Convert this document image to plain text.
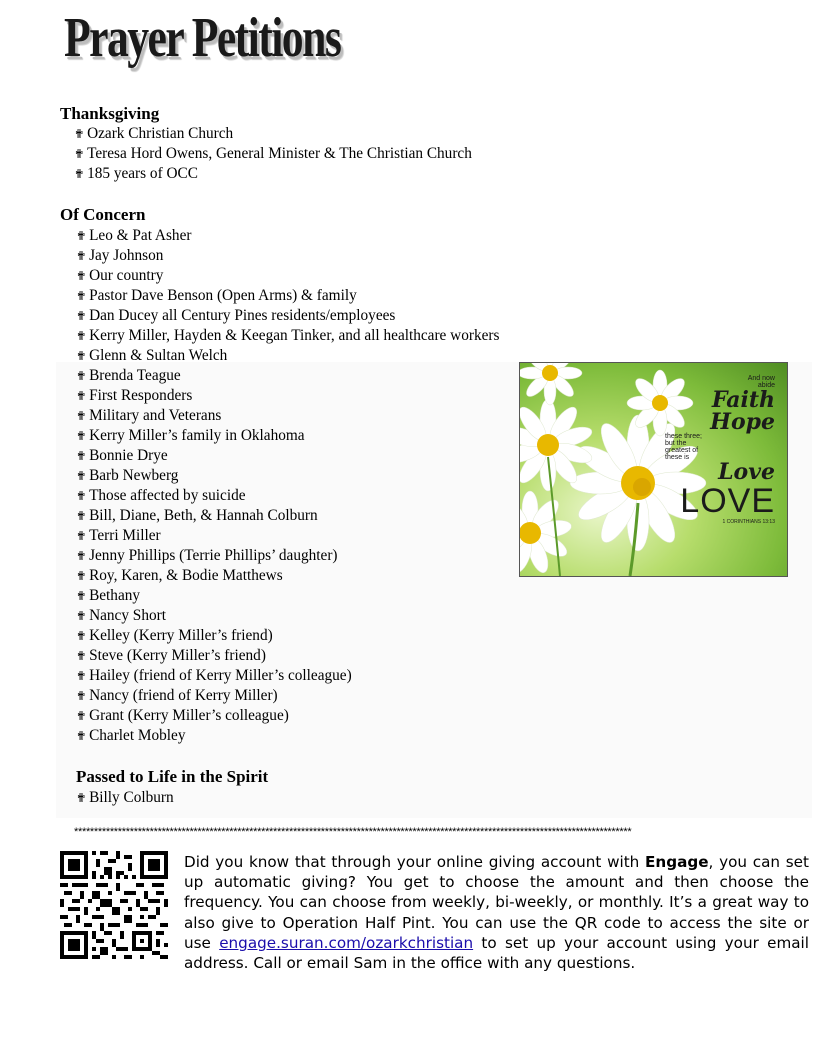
Prayer Petitions
Thanksgiving
✟ Ozark Christian Church
✟ Teresa Hord Owens, General Minister & The Christian Church
✟ 185 years of OCC
Of Concern
✟ Leo & Pat Asher
✟ Jay Johnson
✟ Our country
✟ Pastor Dave Benson (Open Arms) & family
✟ Dan Ducey all Century Pines residents/employees
✟ Kerry Miller, Hayden & Keegan Tinker, and all healthcare workers
✟ Glenn & Sultan Welch
✟ Brenda Teague
✟ First Responders
✟ Military and Veterans
✟ Kerry Miller’s family in Oklahoma
✟ Bonnie Drye
✟ Barb Newberg
✟ Those affected by suicide
✟ Bill, Diane, Beth, & Hannah Colburn
✟ Terri Miller
✟ Jenny Phillips (Terrie Phillips’ daughter)
✟ Roy, Karen, & Bodie Matthews
✟ Bethany
✟ Nancy Short
✟ Kelley (Kerry Miller’s friend)
✟ Steve (Kerry Miller’s friend)
✟ Hailey (friend of Kerry Miller’s colleague)
✟ Nancy (friend of Kerry Miller)
✟ Grant (Kerry Miller’s colleague)
✟ Charlet Mobley
Passed to Life in the Spirit
✟ Billy Colburn
And now
abide
Faith
Hope
these three; but the greatest of these is
Love
LOVE
1 CORINTHIANS 13:13
********************************************************************************************************************************************
Did you know that through your online giving account with Engage, you can set up automatic giving? You get to choose the amount and then choose the frequency. You can choose from weekly, bi-weekly, or monthly. It’s a great way to also give to Operation Half Pint. You can use the QR code to access the site or use engage.suran.com/ozarkchristian to set up your account using your email address. Call or email Sam in the office with any questions.
